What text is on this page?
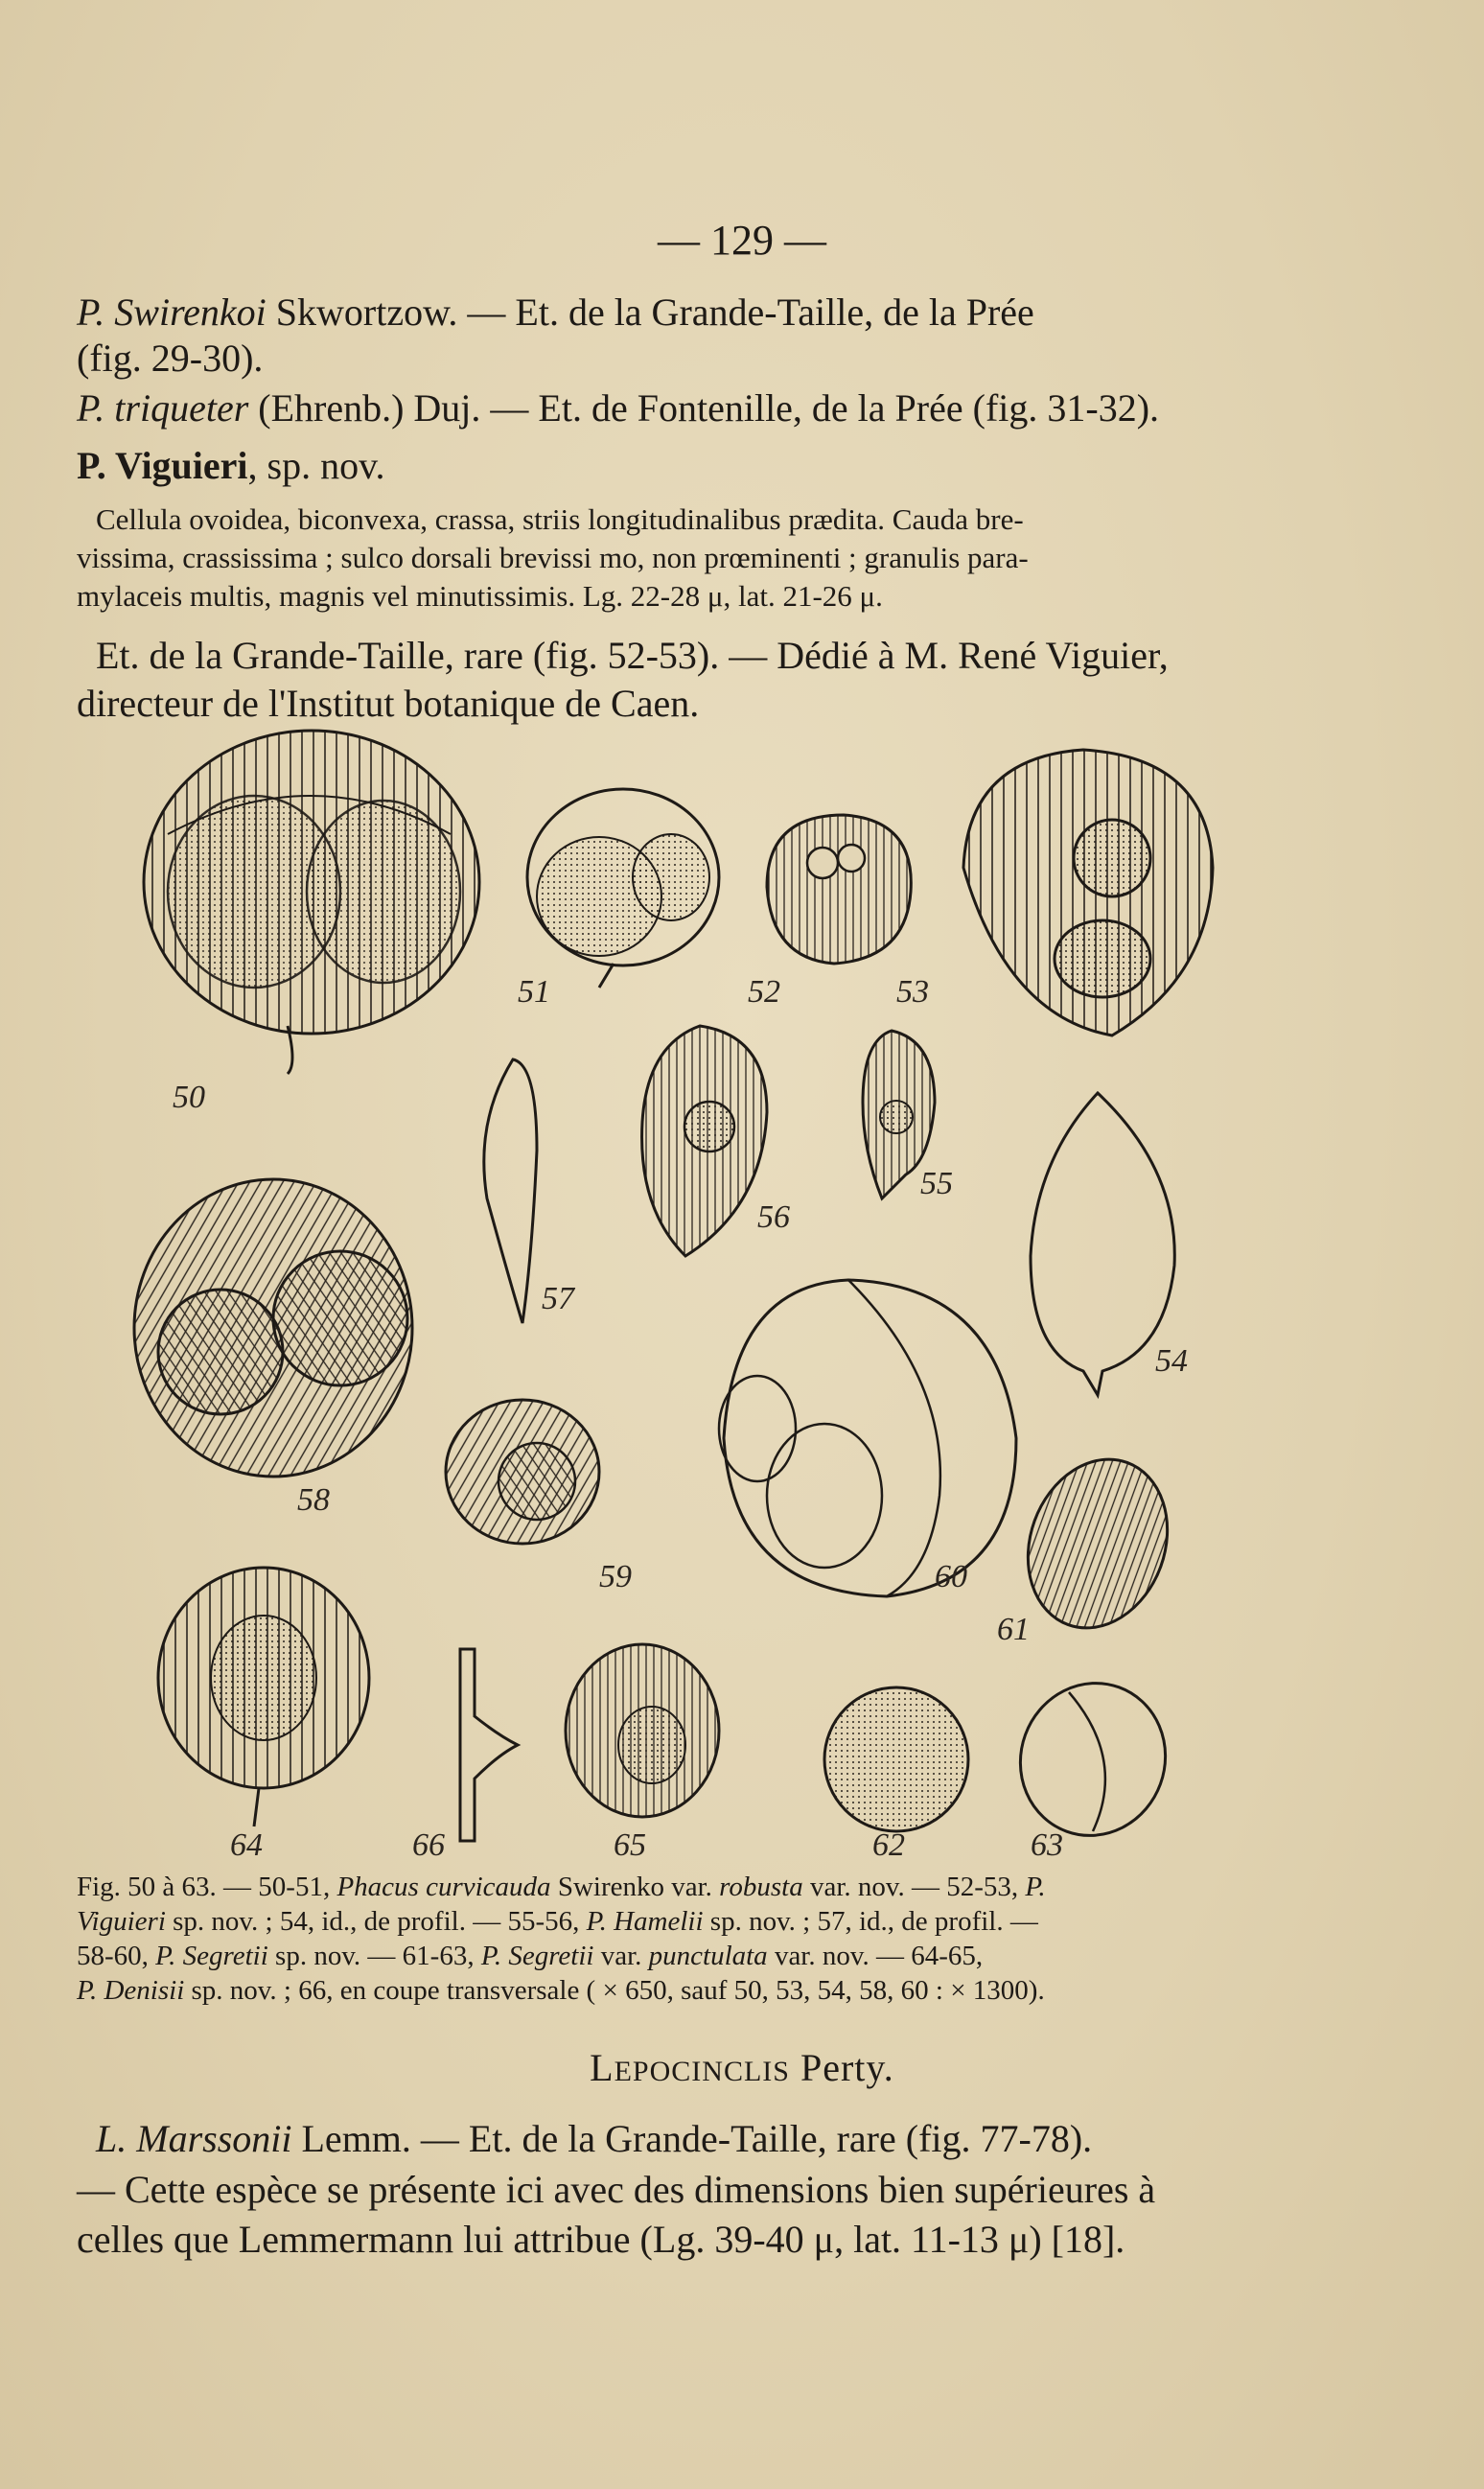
— 129 —
P. Swirenkoi Skwortzow. — Et. de la Grande-Taille, de la Prée
(fig. 29-30).
P. triqueter (Ehrenb.) Duj. — Et. de Fontenille, de la Prée (fig. 31-32).
P. Viguieri, sp. nov.
Cellula ovoidea, biconvexa, crassa, striis longitudinalibus prædita. Cauda bre-
vissima, crassissima ; sulco dorsali brevissi mo, non prœminenti ; granulis para-
mylaceis multis, magnis vel minutissimis. Lg. 22-28 μ, lat. 21-26 μ.
Et. de la Grande-Taille, rare (fig. 52-53). — Dédié à M. René Viguier,
directeur de l'Institut botanique de Caen.
50
51	52	53
54
55
56
57
58
59	60
61
62	63
64	65
66
Fig. 50 à 63. — 50-51, Phacus curvicauda Swirenko var. robusta var. nov. — 52-53, P.
Viguieri sp. nov. ; 54, id., de profil. — 55-56, P. Hamelii sp. nov. ; 57, id., de profil. —
58-60, P. Segretii sp. nov. — 61-63, P. Segretii var. punctulata var. nov. — 64-65,
P. Denisii sp. nov. ; 66, en coupe transversale ( × 650, sauf 50, 53, 54, 58, 60 : × 1300).
LEPOCINCLIS Perty.
L. Marssonii Lemm. — Et. de la Grande-Taille, rare (fig. 77-78).
— Cette espèce se présente ici avec des dimensions bien supérieures à
celles que Lemmermann lui attribue (Lg. 39-40 μ, lat. 11-13 μ) [18].
